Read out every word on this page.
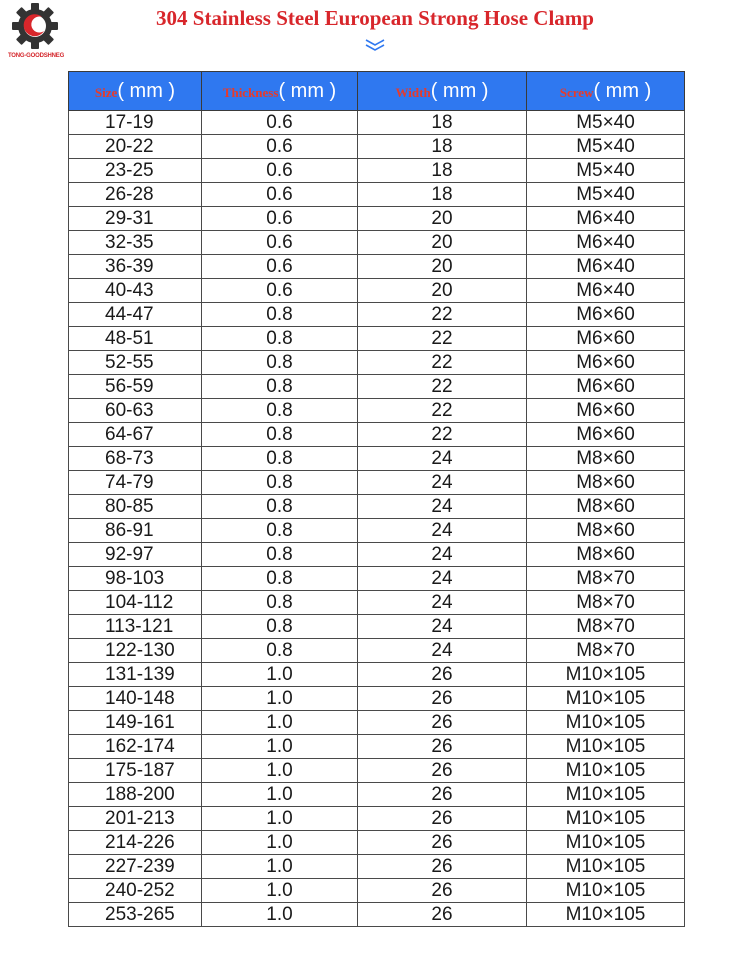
TONG-GOODSHNEG
304 Stainless Steel European Strong Hose Clamp
Size( mm )	Thickness( mm )	Width( mm )	Screw( mm )
17-19	0.6	18	M5×40
20-22	0.6	18	M5×40
23-25	0.6	18	M5×40
26-28	0.6	18	M5×40
29-31	0.6	20	M6×40
32-35	0.6	20	M6×40
36-39	0.6	20	M6×40
40-43	0.6	20	M6×40
44-47	0.8	22	M6×60
48-51	0.8	22	M6×60
52-55	0.8	22	M6×60
56-59	0.8	22	M6×60
60-63	0.8	22	M6×60
64-67	0.8	22	M6×60
68-73	0.8	24	M8×60
74-79	0.8	24	M8×60
80-85	0.8	24	M8×60
86-91	0.8	24	M8×60
92-97	0.8	24	M8×60
98-103	0.8	24	M8×70
104-112	0.8	24	M8×70
113-121	0.8	24	M8×70
122-130	0.8	24	M8×70
131-139	1.0	26	M10×105
140-148	1.0	26	M10×105
149-161	1.0	26	M10×105
162-174	1.0	26	M10×105
175-187	1.0	26	M10×105
188-200	1.0	26	M10×105
201-213	1.0	26	M10×105
214-226	1.0	26	M10×105
227-239	1.0	26	M10×105
240-252	1.0	26	M10×105
253-265	1.0	26	M10×105
